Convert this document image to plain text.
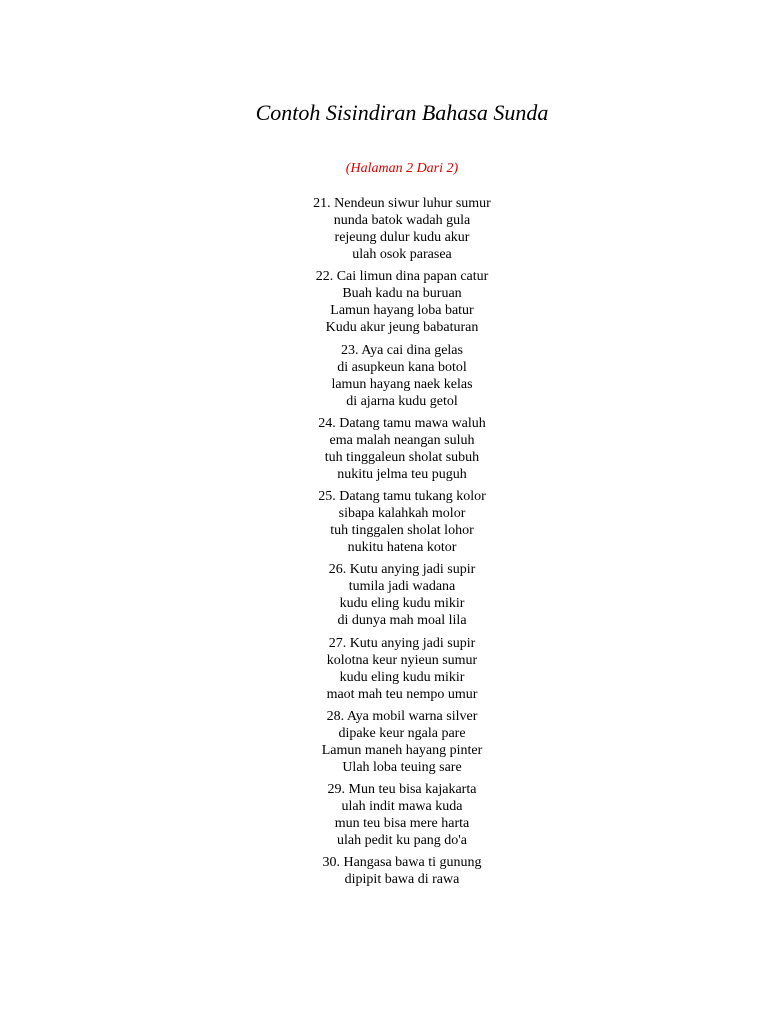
Contoh Sisindiran Bahasa Sunda
(Halaman 2 Dari 2)
21. Nendeun siwur luhur sumur
nunda batok wadah gula
rejeung dulur kudu akur
ulah osok parasea
22. Cai limun dina papan catur
Buah kadu na buruan
Lamun hayang loba batur
Kudu akur jeung babaturan
23. Aya cai dina gelas
di asupkeun kana botol
lamun hayang naek kelas
di ajarna kudu getol
24. Datang tamu mawa waluh
ema malah neangan suluh
tuh tinggaleun sholat subuh
nukitu jelma teu puguh
25. Datang tamu tukang kolor
sibapa kalahkah molor
tuh tinggalen sholat lohor
nukitu hatena kotor
26. Kutu anying jadi supir
tumila jadi wadana
kudu eling kudu mikir
di dunya mah moal lila
27. Kutu anying jadi supir
kolotna keur nyieun sumur
kudu eling kudu mikir
maot mah teu nempo umur
28. Aya mobil warna silver
dipake keur ngala pare
Lamun maneh hayang pinter
Ulah loba teuing sare
29. Mun teu bisa kajakarta
ulah indit mawa kuda
mun teu bisa mere harta
ulah pedit ku pang do'a
30. Hangasa bawa ti gunung
dipipit bawa di rawa
